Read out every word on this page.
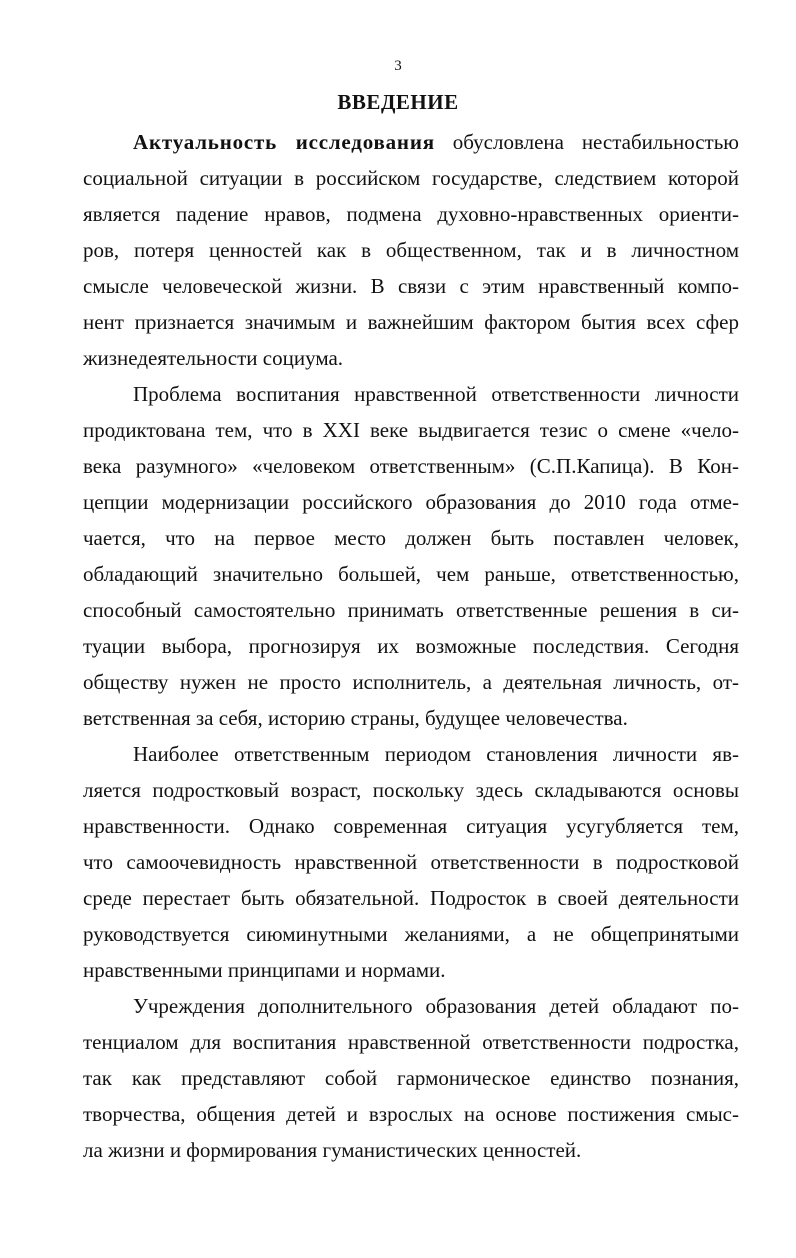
3
ВВЕДЕНИЕ
Актуальность исследования обусловлена нестабильностью
социальной ситуации в российском государстве, следствием которой
является падение нравов, подмена духовно-нравственных ориенти-
ров, потеря ценностей как в общественном, так и в личностном
смысле человеческой жизни. В связи с этим нравственный компо-
нент признается значимым и важнейшим фактором бытия всех сфер
жизнедеятельности социума.
Проблема воспитания нравственной ответственности личности
продиктована тем, что в XXI веке выдвигается тезис о смене «чело-
века разумного» «человеком ответственным» (С.П.Капица). В Кон-
цепции модернизации российского образования до 2010 года отме-
чается, что на первое место должен быть поставлен человек,
обладающий значительно большей, чем раньше, ответственностью,
способный самостоятельно принимать ответственные решения в си-
туации выбора, прогнозируя их возможные последствия. Сегодня
обществу нужен не просто исполнитель, а деятельная личность, от-
ветственная за себя, историю страны, будущее человечества.
Наиболее ответственным периодом становления личности яв-
ляется подростковый возраст, поскольку здесь складываются основы
нравственности. Однако современная ситуация усугубляется тем,
что самоочевидность нравственной ответственности в подростковой
среде перестает быть обязательной. Подросток в своей деятельности
руководствуется сиюминутными желаниями, а не общепринятыми
нравственными принципами и нормами.
Учреждения дополнительного образования детей обладают по-
тенциалом для воспитания нравственной ответственности подростка,
так как представляют собой гармоническое единство познания,
творчества, общения детей и взрослых на основе постижения смыс-
ла жизни и формирования гуманистических ценностей.
